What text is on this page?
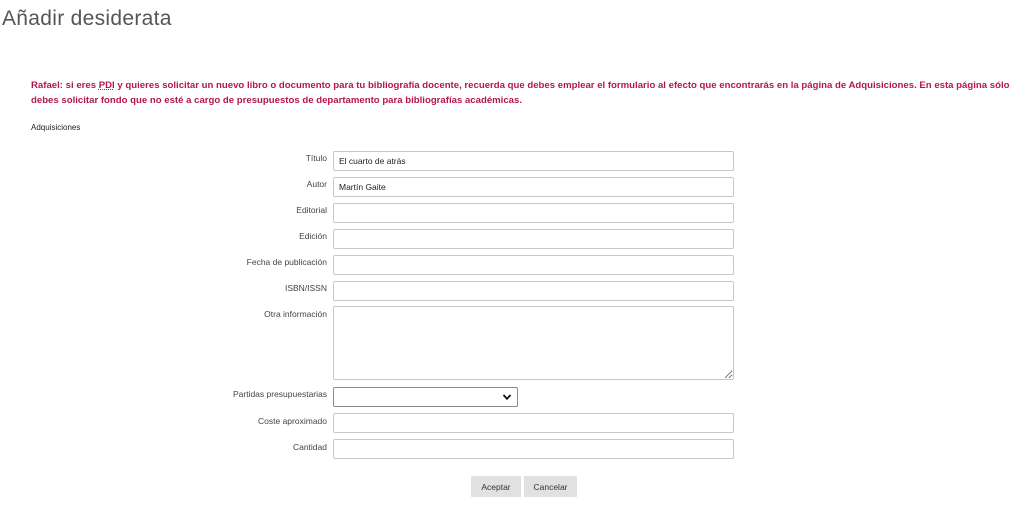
Añadir desiderata

Rafael: si eres PDI y quieres solicitar un nuevo libro o documento para tu bibliografía docente, recuerda que debes emplear el formulario al efecto que encontrarás en la página de Adquisiciones. En esta página sólo debes solicitar fondo que no esté a cargo de presupuestos de departamento para bibliografías académicas.

Adquisiciones
Título
El cuarto de atrás
Autor
Martín Gaite
Editorial
Edición
Fecha de publicación
ISBN/ISSN
Otra información
Partidas presupuestarias
Coste aproximado
Cantidad
Aceptar	Cancelar
